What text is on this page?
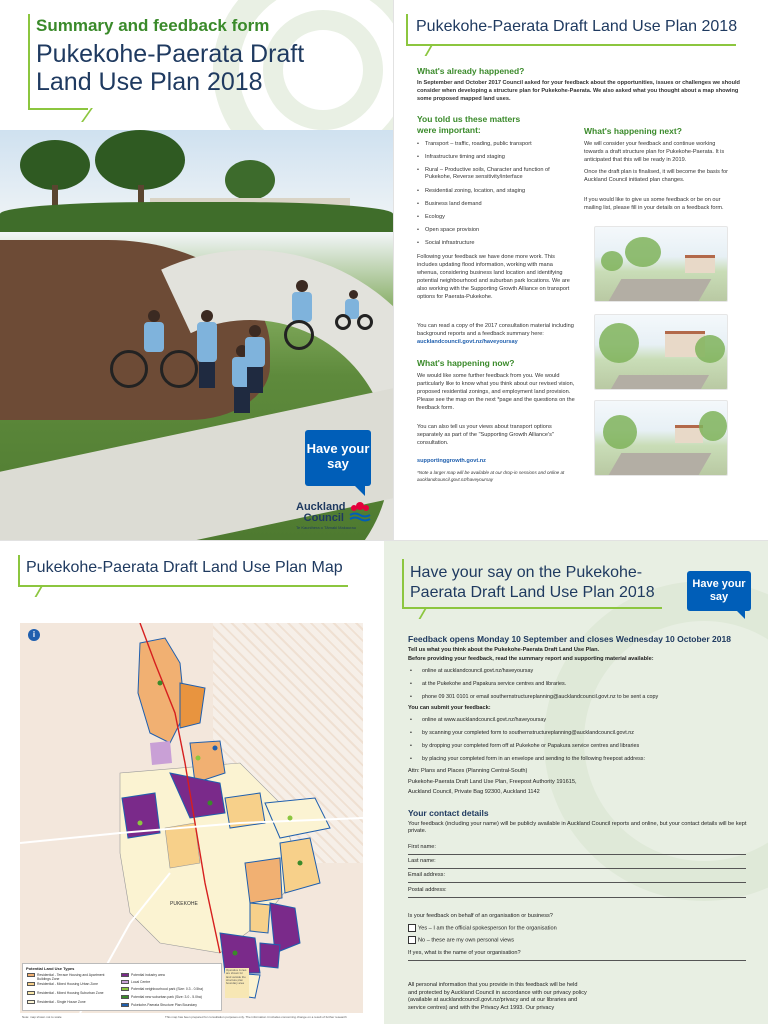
Summary and feedback form
Pukekohe-Paerata Draft Land Use Plan 2018
Have your say
Auckland Council
Te Kaunihera o Tāmaki Makaurau
Pukekohe-Paerata Draft Land Use Plan 2018
What's already happened?
In September and October 2017 Council asked for your feedback about the opportunities, issues or challenges we should consider when developing a structure plan for Pukekohe-Paerata. We also asked what you thought about a map showing some proposed mapped land uses.
You told us these matters were important:
• Transport – traffic, roading, public transport
• Infrastructure timing and staging
• Rural – Productive soils, Character and function of Pukekohe, Reverse sensitivity/interface
• Residential zoning, location, and staging
• Business land demand
• Ecology
• Open space provision
• Social infrastructure
Following your feedback we have done more work. This includes updating flood information, working with mana whenua, considering business land location and identifying potential neighbourhood and suburban park locations. We are also working with the Supporting Growth Alliance on transport options for Paerata-Pukekohe.
You can read a copy of the 2017 consultation material including background reports and a feedback summary here: aucklandcouncil.govt.nz/haveyoursay
What's happening now?
We would like some further feedback from you. We would particularly like to know what you think about our revised vision, proposed residential zonings, and employment land provision. Please see the map on the next *page and the questions on the feedback form.
You can also tell us your views about transport options separately as part of the "Supporting Growth Alliance's" consultation.
supportinggrowth.govt.nz
*Note a larger map will be available at our drop-in sessions and online at aucklandcouncil.govt.nz/haveyoursay
What's happening next?
We will consider your feedback and continue working towards a draft structure plan for Pukekohe-Paerata. It is anticipated that this will be ready in 2019.
Once the draft plan is finalised, it will become the basis for Auckland Council initiated plan changes.
If you would like to give us some feedback or be on our mailing list, please fill in your details on a feedback form.
Pukekohe-Paerata Draft Land Use Plan Map
i
PUKEKOHE
Potential Land Use Types
Residential - Terrace Housing and Apartment Buildings Zone
Residential - Mixed Housing Urban Zone
Residential - Mixed Housing Suburban Zone
Residential - Single House Zone
Potential industry area
Local Centre
Potential neighbourhood park (Size: 0.3 - 0.5ha)
Potential new suburban park (Size: 3.0 - 5.0ha)
Pukekohe-Paerata Structure Plan Boundary
Operative zones are shown for land outside the structure plan boundary area
Note: map shown not to scale	This map has been prepared for consultation purposes only. The information it includes concerning change on a result of further research
Have your say on the Pukekohe-Paerata Draft Land Use Plan 2018	Have your say
Feedback opens Monday 10 September and closes Wednesday 10 October 2018
Tell us what you think about the Pukekohe-Paerata Draft Land Use Plan.
Before providing your feedback, read the summary report and supporting material available:
• online at aucklandcouncil.govt.nz/haveyoursay
• at the Pukekohe and Papakura service centres and libraries.
• phone 09 301 0101 or email southernstructureplanning@aucklandcouncil.govt.nz to be sent a copy
You can submit your feedback:
• online at www.aucklandcouncil.govt.nz/haveyoursay
• by scanning your completed form to southernstructureplanning@aucklandcouncil.govt.nz
• by dropping your completed form off at Pukekohe or Papakura service centres and libraries
• by placing your completed form in an envelope and sending to the following freepost address:
Attn: Plans and Places (Planning Central-South)
Pukekohe-Paerata Draft Land Use Plan, Freepost Authority 191615,
Auckland Council, Private Bag 92300, Auckland 1142
Your contact details
Your feedback (including your name) will be publicly available in Auckland Council reports and online, but your contact details will be kept private.
First name:
Last name:
Email address:
Postal address:
Is your feedback on behalf of an organisation or business?
Yes – I am the official spokesperson for the organisation
No – these are my own personal views
If yes, what is the name of your organisation?
All personal information that you provide in this feedback will be held and protected by Auckland Council in accordance with our privacy policy (available at aucklandcouncil.govt.nz/privacy and at our libraries and service centres) and with the Privacy Act 1993. Our privacy
